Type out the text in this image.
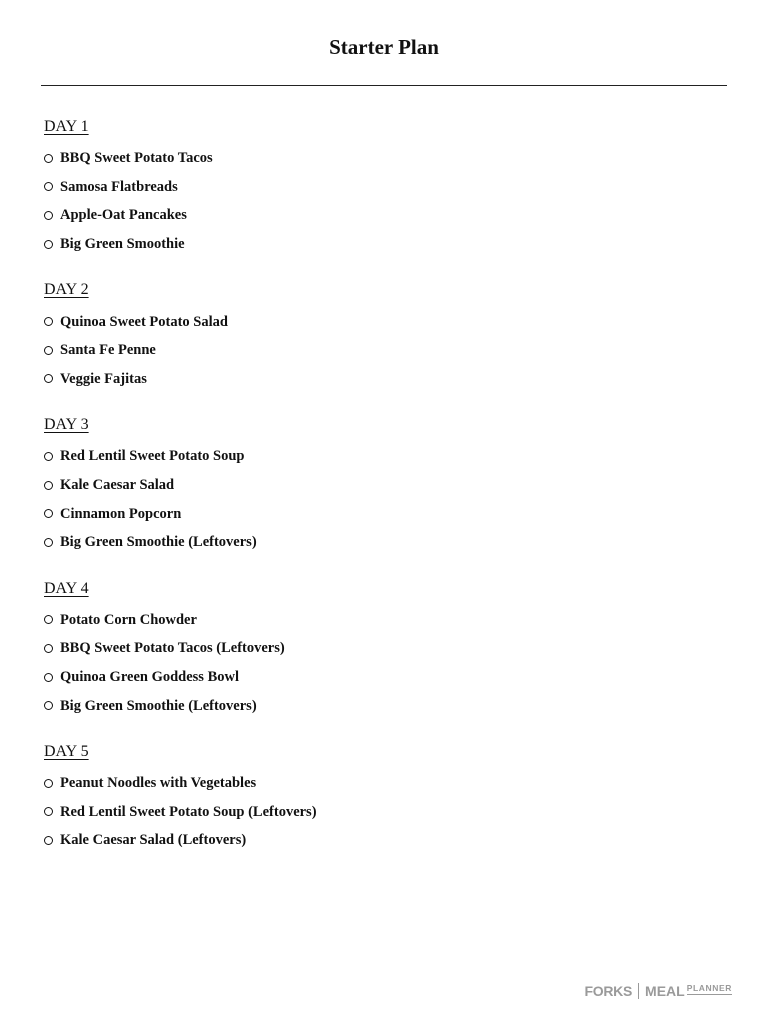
Starter Plan
DAY 1
BBQ Sweet Potato Tacos
Samosa Flatbreads
Apple-Oat Pancakes
Big Green Smoothie
DAY 2
Quinoa Sweet Potato Salad
Santa Fe Penne
Veggie Fajitas
DAY 3
Red Lentil Sweet Potato Soup
Kale Caesar Salad
Cinnamon Popcorn
Big Green Smoothie (Leftovers)
DAY 4
Potato Corn Chowder
BBQ Sweet Potato Tacos (Leftovers)
Quinoa Green Goddess Bowl
Big Green Smoothie (Leftovers)
DAY 5
Peanut Noodles with Vegetables
Red Lentil Sweet Potato Soup (Leftovers)
Kale Caesar Salad (Leftovers)
FORKS MEAL PLANNER
